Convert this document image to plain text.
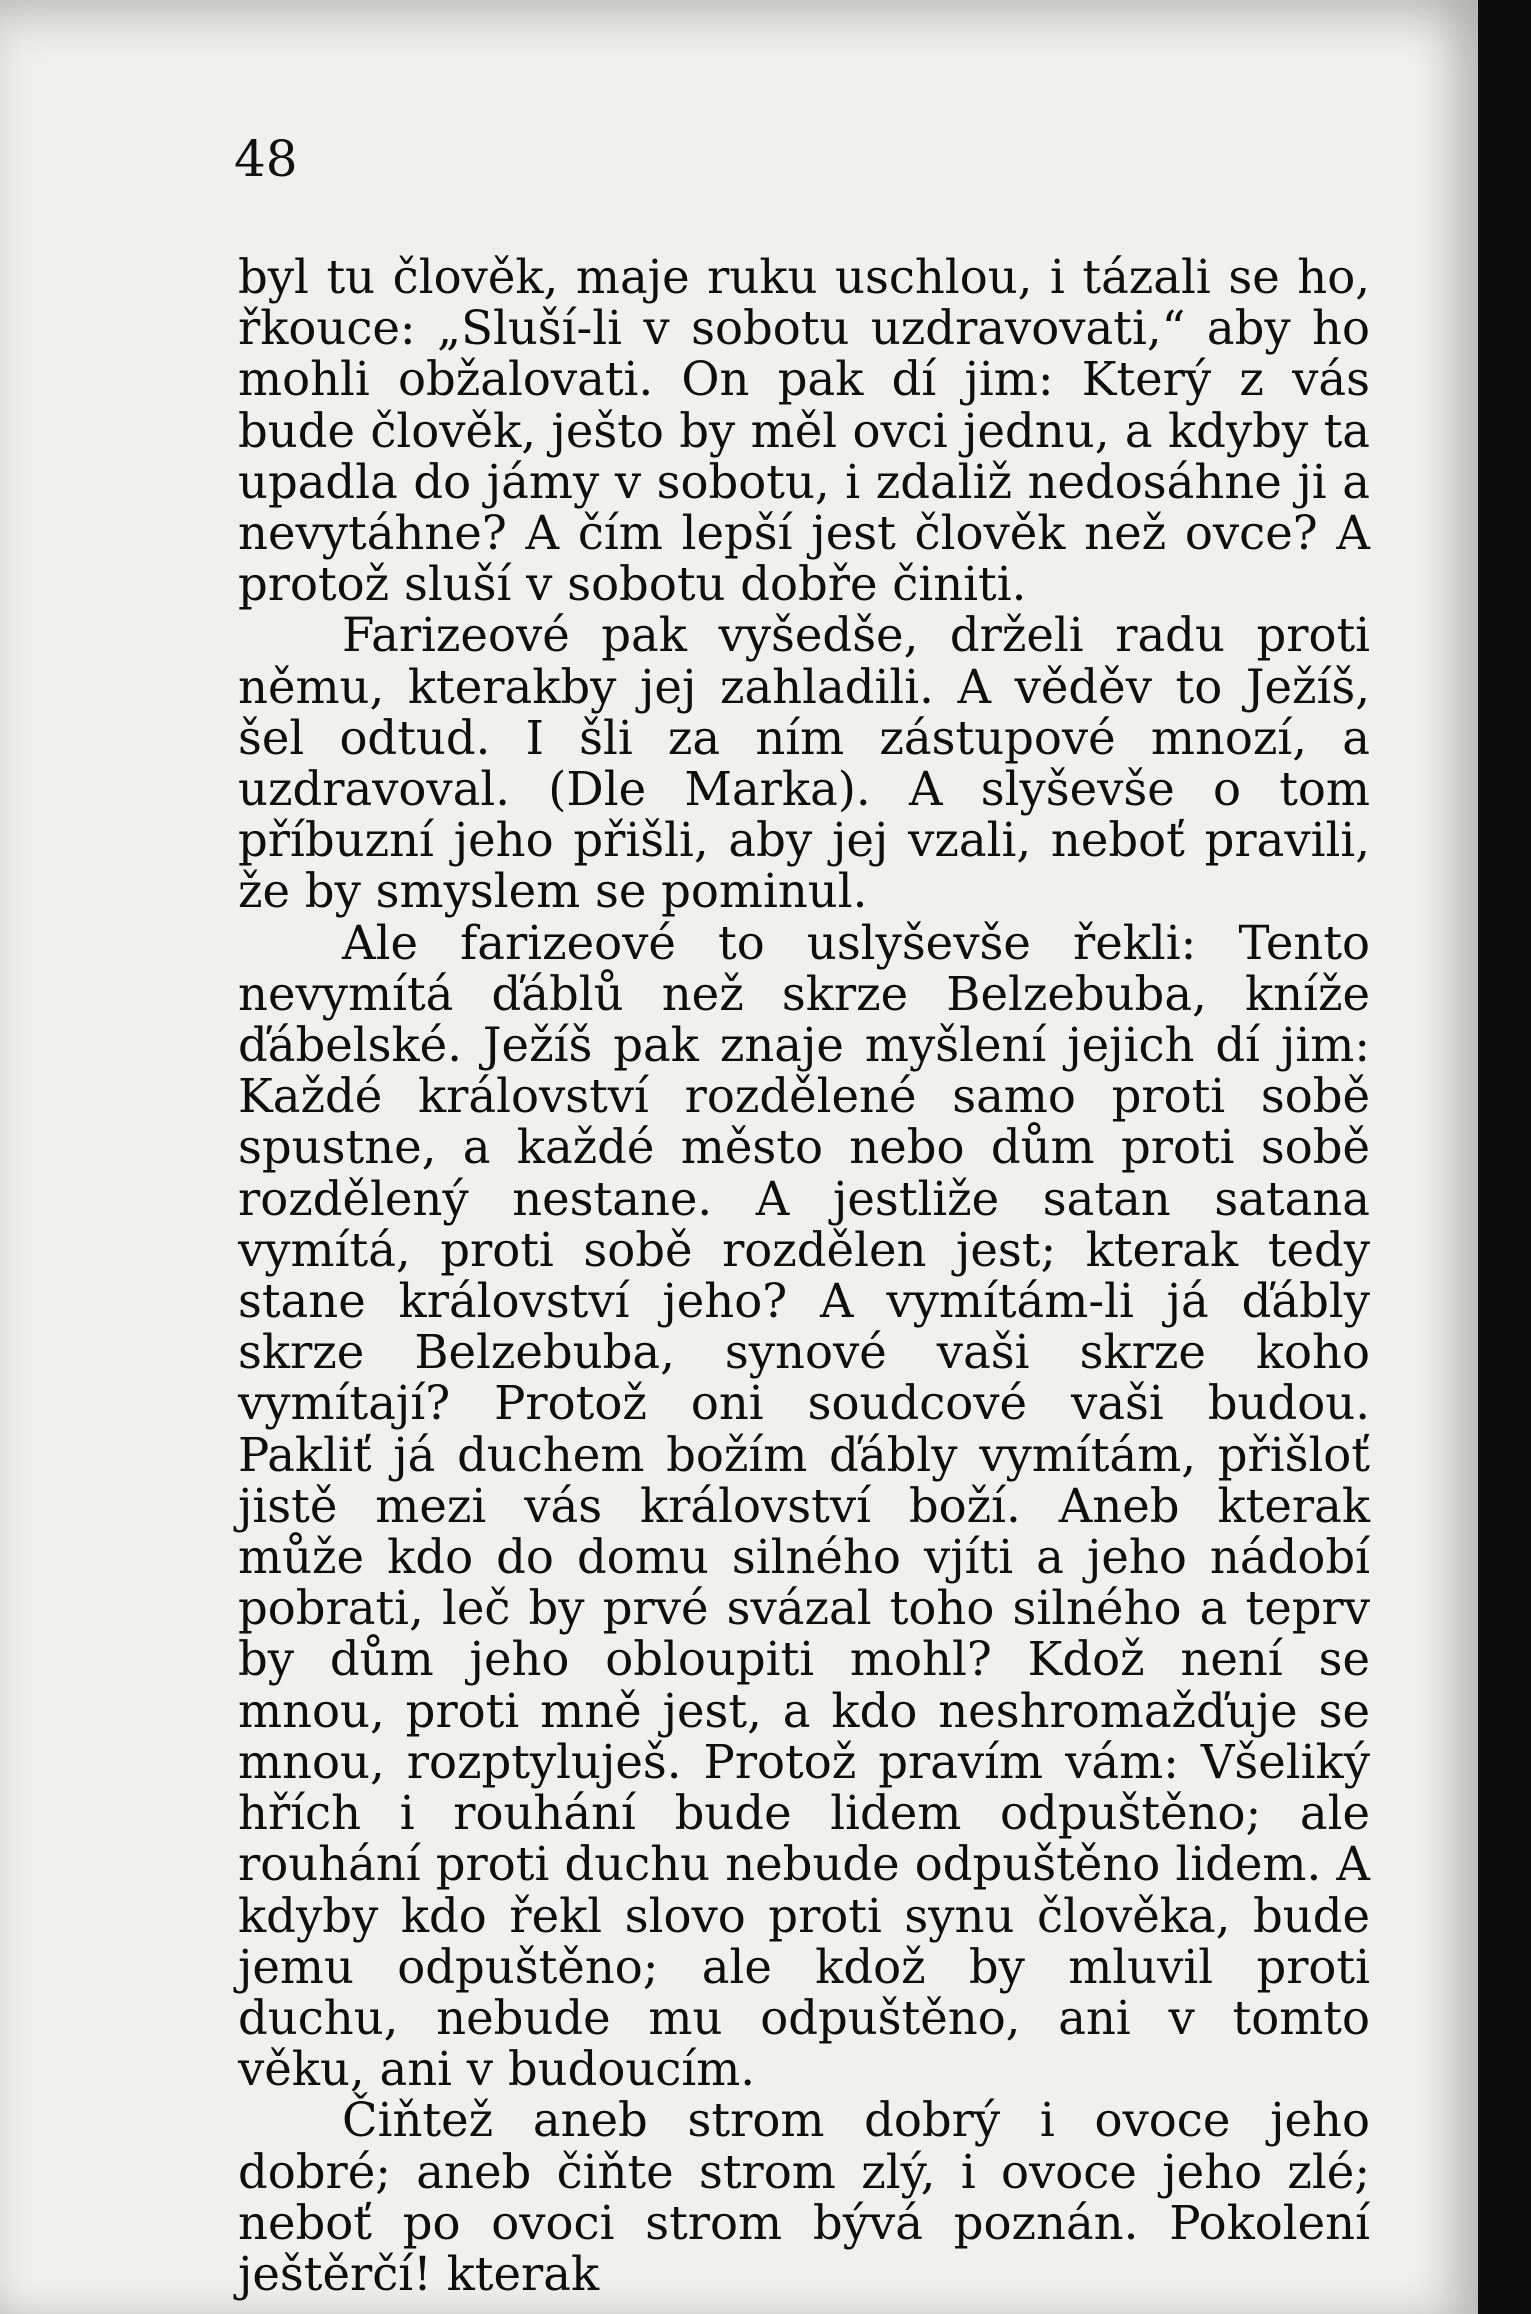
48

byl tu člověk, maje ruku uschlou, i tázali se ho, řkouce: „Sluší-li v sobotu uzdravovati,“ aby ho mohli obžalovati. On pak dí jim: Který z vás bude člověk, ješto by měl ovci jednu, a kdyby ta upadla do jámy v sobotu, i zdaliž nedosáhne ji a nevytáhne? A čím lepší jest člověk než ovce? A protož sluší v sobotu dobře činiti.

Farizeové pak vyšedše, drželi radu proti němu, kterakby jej zahladili. A věděv to Ježíš, šel odtud. I šli za ním zástupové mnozí, a uzdravoval. (Dle Marka). A slyševše o tom příbuzní jeho přišli, aby jej vzali, neboť pravili, že by smyslem se pominul.

Ale farizeové to uslyševše řekli: Tento nevymítá ďáblů než skrze Belzebuba, kníže ďábelské. Ježíš pak znaje myšlení jejich dí jim: Každé království rozdělené samo proti sobě spustne, a každé město nebo dům proti sobě rozdělený nestane. A jestliže satan satana vymítá, proti sobě rozdělen jest; kterak tedy stane království jeho? A vymítám-li já ďábly skrze Belzebuba, synové vaši skrze koho vymítají? Protož oni soudcové vaši budou. Pakliť já duchem božím ďábly vymítám, přišloť jistě mezi vás království boží. Aneb kterak může kdo do domu silného vjíti a jeho nádobí pobrati, leč by prvé svázal toho silného a teprv by dům jeho obloupiti mohl? Kdož není se mnou, proti mně jest, a kdo neshromažďuje se mnou, rozptyluješ. Protož pravím vám: Všeliký hřích i rouhání bude lidem odpuštěno; ale rouhání proti duchu nebude odpuštěno lidem. A kdyby kdo řekl slovo proti synu člověka, bude jemu odpuštěno; ale kdož by mluvil proti duchu, nebude mu odpuštěno, ani v tomto věku, ani v budoucím.

Čiňtež aneb strom dobrý i ovoce jeho dobré; aneb čiňte strom zlý, i ovoce jeho zlé; neboť po ovoci strom bývá poznán. Pokolení ještěrčí! kterak
